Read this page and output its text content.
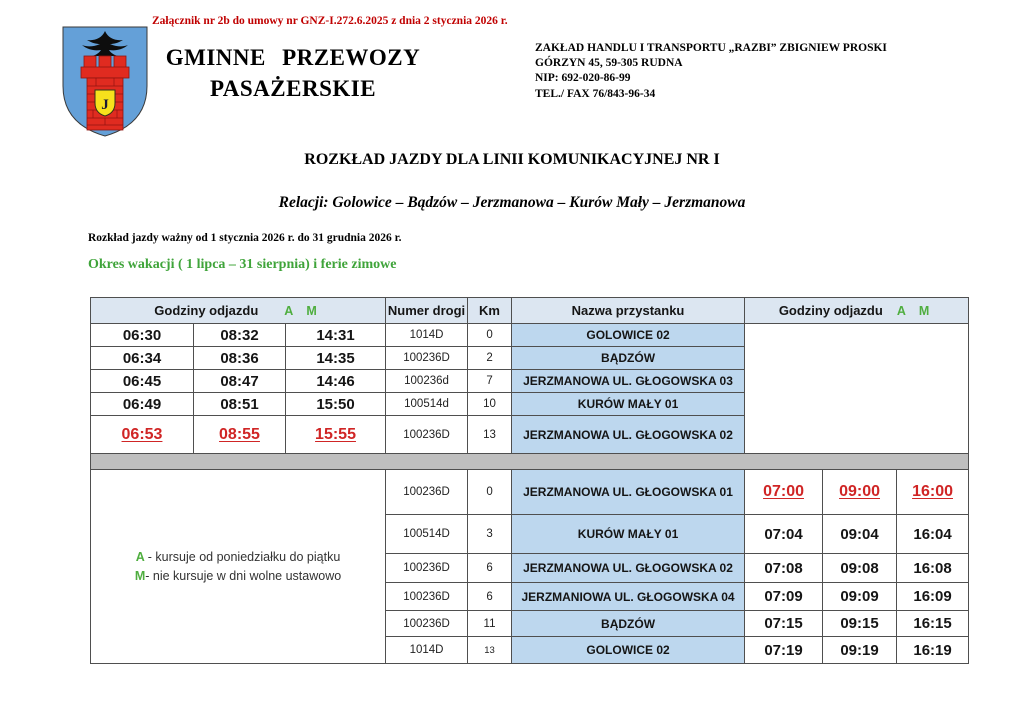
Załącznik nr 2b do umowy nr GNZ-I.272.6.2025 z dnia 2 stycznia 2026 r.
J
GMINNE PRZEWOZY
PASAŻERSKIE
ZAKŁAD HANDLU I TRANSPORTU „RAZBI” ZBIGNIEW PROSKI
GÓRZYN 45, 59-305 RUDNA
NIP: 692-020-86-99
TEL./ FAX 76/843-96-34
ROZKŁAD JAZDY DLA LINII KOMUNIKACYJNEJ NR I
Relacji: Golowice – Bądzów – Jerzmanowa – Kurów Mały – Jerzmanowa
Rozkład jazdy ważny od 1 stycznia 2026 r. do 31 grudnia 2026 r.
Okres wakacji ( 1 lipca – 31 sierpnia) i ferie zimowe
Godziny odjazdu A M			Numer drogi	Km	Nazwa przystanku	Godziny odjazdu A M		
06:30	08:32	14:31	1014D	0	GOLOWICE 02			
06:34	08:36	14:35	100236D	2	BĄDZÓW			
06:45	08:47	14:46	100236d	7	JERZMANOWA UL. GŁOGOWSKA 03			
06:49	08:51	15:50	100514d	10	KURÓW MAŁY 01			
06:53	08:55	15:55	100236D	13	JERZMANOWA UL. GŁOGOWSKA 02			

A - kursuje od poniedziałku do piątku
M- nie kursuje w dni wolne ustawowo			100236D	0	JERZMANOWA UL. GŁOGOWSKA 01	07:00	09:00	16:00
			100514D	3	KURÓW MAŁY 01	07:04	09:04	16:04
			100236D	6	JERZMANOWA UL. GŁOGOWSKA 02	07:08	09:08	16:08
			100236D	6	JERZMANIOWA UL. GŁOGOWSKA 04	07:09	09:09	16:09
			100236D	11	BĄDZÓW	07:15	09:15	16:15
			1014D	13	GOLOWICE 02	07:19	09:19	16:19
